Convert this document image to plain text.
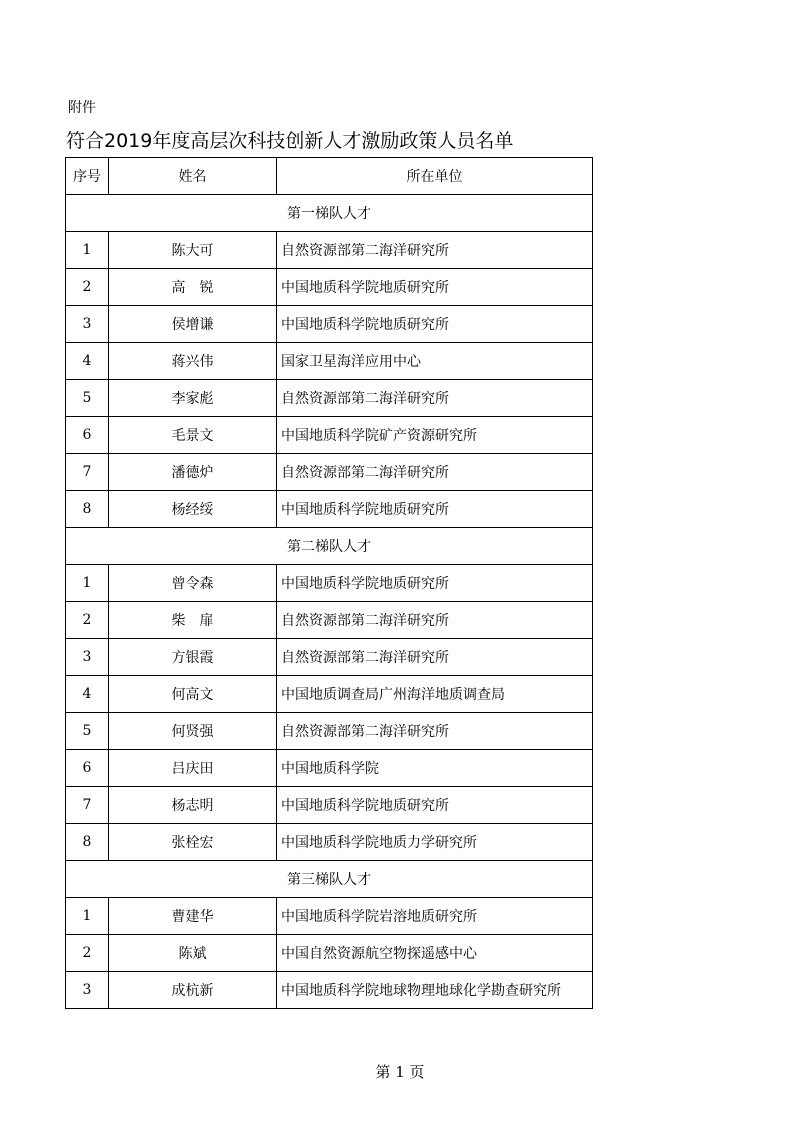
附件
符合2019年度高层次科技创新人才激励政策人员名单
序号	姓名	所在单位
第一梯队人才		
1	陈大可	自然资源部第二海洋研究所
2	高　锐	中国地质科学院地质研究所
3	侯增谦	中国地质科学院地质研究所
4	蒋兴伟	国家卫星海洋应用中心
5	李家彪	自然资源部第二海洋研究所
6	毛景文	中国地质科学院矿产资源研究所
7	潘德炉	自然资源部第二海洋研究所
8	杨经绥	中国地质科学院地质研究所
第二梯队人才		
1	曾令森	中国地质科学院地质研究所
2	柴　扉	自然资源部第二海洋研究所
3	方银霞	自然资源部第二海洋研究所
4	何高文	中国地质调查局广州海洋地质调查局
5	何贤强	自然资源部第二海洋研究所
6	吕庆田	中国地质科学院
7	杨志明	中国地质科学院地质研究所
8	张栓宏	中国地质科学院地质力学研究所
第三梯队人才		
1	曹建华	中国地质科学院岩溶地质研究所
2	陈斌	中国自然资源航空物探遥感中心
3	成杭新	中国地质科学院地球物理地球化学勘查研究所
第 1 页
